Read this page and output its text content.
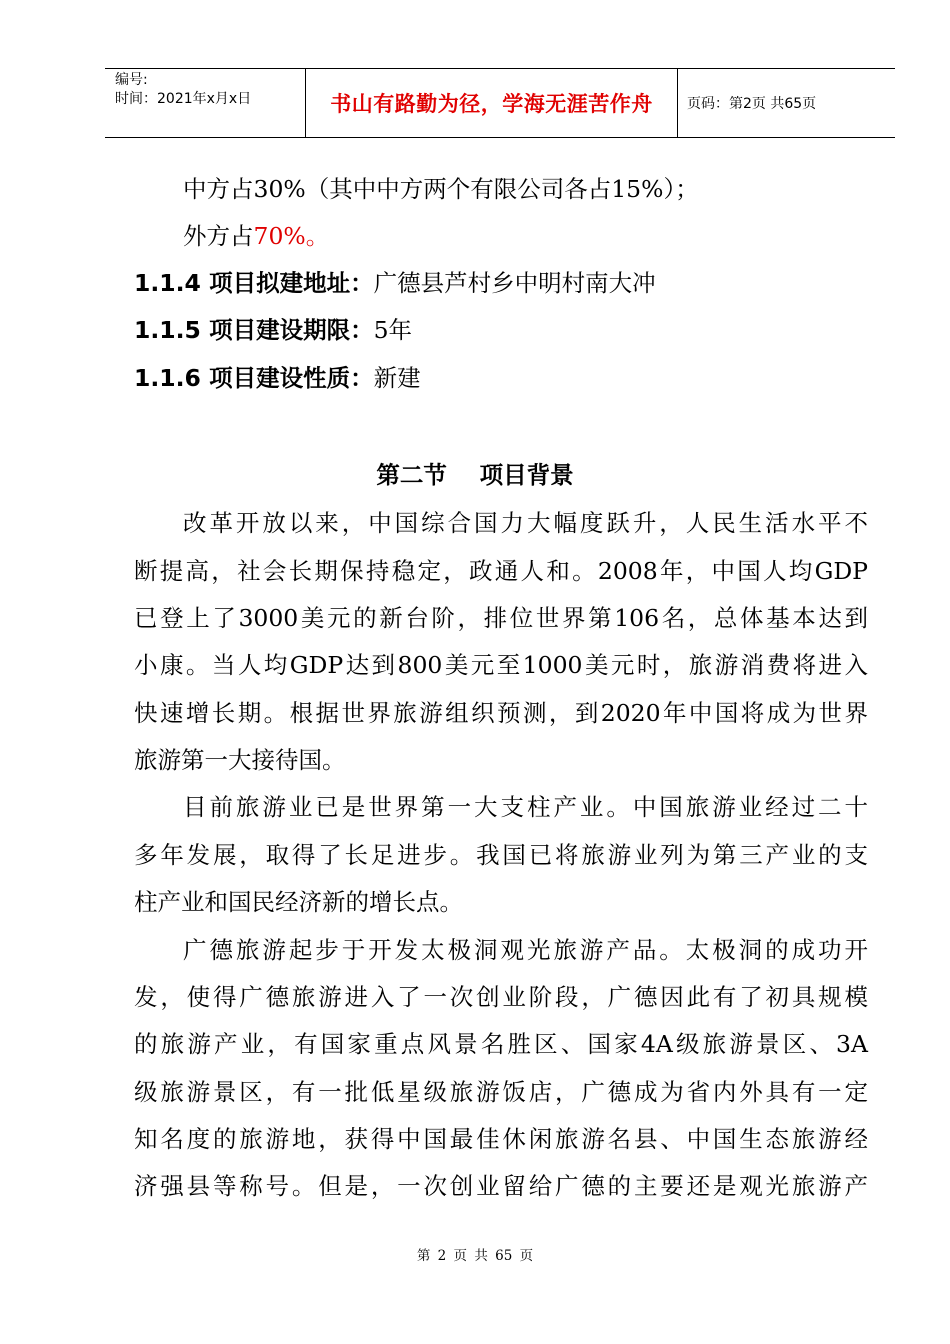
编号:
时间：2021年x月x日	书山有路勤为径，学海无涯苦作舟	页码：第2页 共65页
中方占30%（其中中方两个有限公司各占15%）；
外方占70%。
1.1.4 项目拟建地址：广德县芦村乡中明村南大冲
1.1.5 项目建设期限：5年
1.1.6 项目建设性质：新建
第二节    项目背景
改革开放以来，中国综合国力大幅度跃升，人民生活水平不
断提高，社会长期保持稳定，政通人和。2008年，中国人均GDP
已登上了3000美元的新台阶，排位世界第106名，总体基本达到
小康。当人均GDP达到800美元至1000美元时，旅游消费将进入
快速增长期。根据世界旅游组织预测，到2020年中国将成为世界
旅游第一大接待国。
目前旅游业已是世界第一大支柱产业。中国旅游业经过二十
多年发展，取得了长足进步。我国已将旅游业列为第三产业的支
柱产业和国民经济新的增长点。
广德旅游起步于开发太极洞观光旅游产品。太极洞的成功开
发，使得广德旅游进入了一次创业阶段，广德因此有了初具规模
的旅游产业，有国家重点风景名胜区、国家4A级旅游景区、3A
级旅游景区，有一批低星级旅游饭店，广德成为省内外具有一定
知名度的旅游地，获得中国最佳休闲旅游名县、中国生态旅游经
济强县等称号。但是，一次创业留给广德的主要还是观光旅游产
第 2 页 共 65 页
